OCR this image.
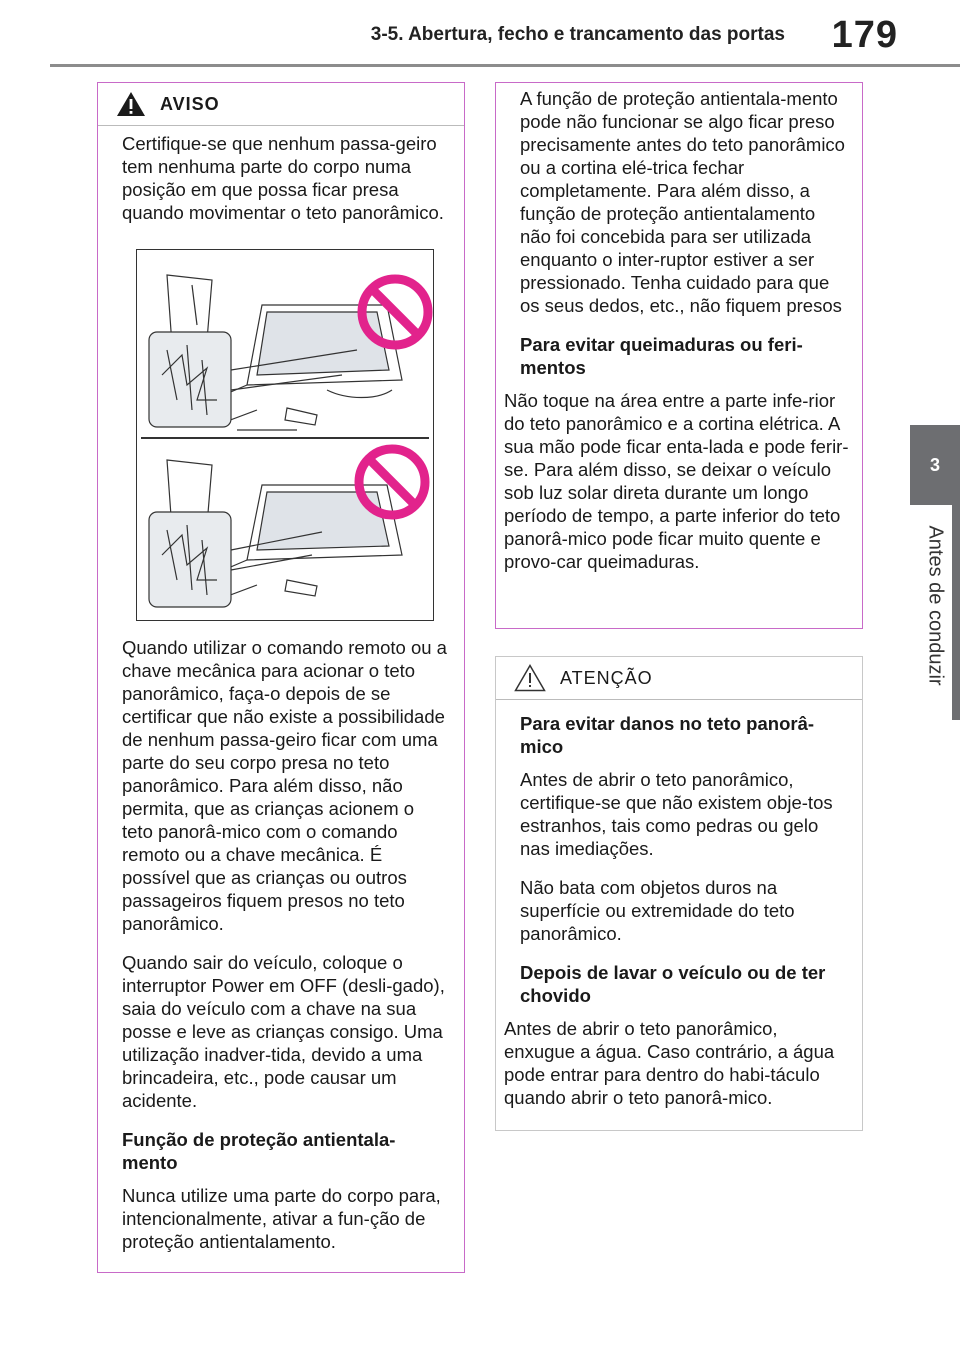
3-5. Abertura, fecho e trancamento das portas 179
3
Antes de conduzir
AVISO

Certifique-se que nenhum passa-geiro tem nenhuma parte do corpo numa posição em que possa ficar presa quando movimentar o teto panorâmico.

Quando utilizar o comando remoto ou a chave mecânica para acionar o teto panorâmico, faça-o depois de se certificar que não existe a possibilidade de nenhum passa-geiro ficar com uma parte do seu corpo presa no teto panorâmico. Para além disso, não permita, que as crianças acionem o teto panorâ-mico com o comando remoto ou a chave mecânica. É possível que as crianças ou outros passageiros fiquem presos no teto panorâmico.

Quando sair do veículo, coloque o interruptor Power em OFF (desli-gado), saia do veículo com a chave na sua posse e leve as crianças consigo. Uma utilização inadver-tida, devido a uma brincadeira, etc., pode causar um acidente.

Função de proteção antientala-mento

Nunca utilize uma parte do corpo para, intencionalmente, ativar a fun-ção de proteção antientalamento.

A função de proteção antientala-mento pode não funcionar se algo ficar preso precisamente antes do teto panorâmico ou a cortina elé-trica fechar completamente. Para além disso, a função de proteção antientalamento não foi concebida para ser utilizada enquanto o inter-ruptor estiver a ser pressionado. Tenha cuidado para que os seus dedos, etc., não fiquem presos

Para evitar queimaduras ou feri-mentos

Não toque na área entre a parte infe-rior do teto panorâmico e a cortina elétrica. A sua mão pode ficar enta-lada e pode ferir-se. Para além disso, se deixar o veículo sob luz solar direta durante um longo período de tempo, a parte inferior do teto panorâ-mico pode ficar muito quente e provo-car queimaduras.

ATENÇÃO

Para evitar danos no teto panorâ-mico

Antes de abrir o teto panorâmico, certifique-se que não existem obje-tos estranhos, tais como pedras ou gelo nas imediações.

Não bata com objetos duros na superfície ou extremidade do teto panorâmico.

Depois de lavar o veículo ou de ter chovido

Antes de abrir o teto panorâmico, enxugue a água. Caso contrário, a água pode entrar para dentro do habi-táculo quando abrir o teto panorâ-mico.
